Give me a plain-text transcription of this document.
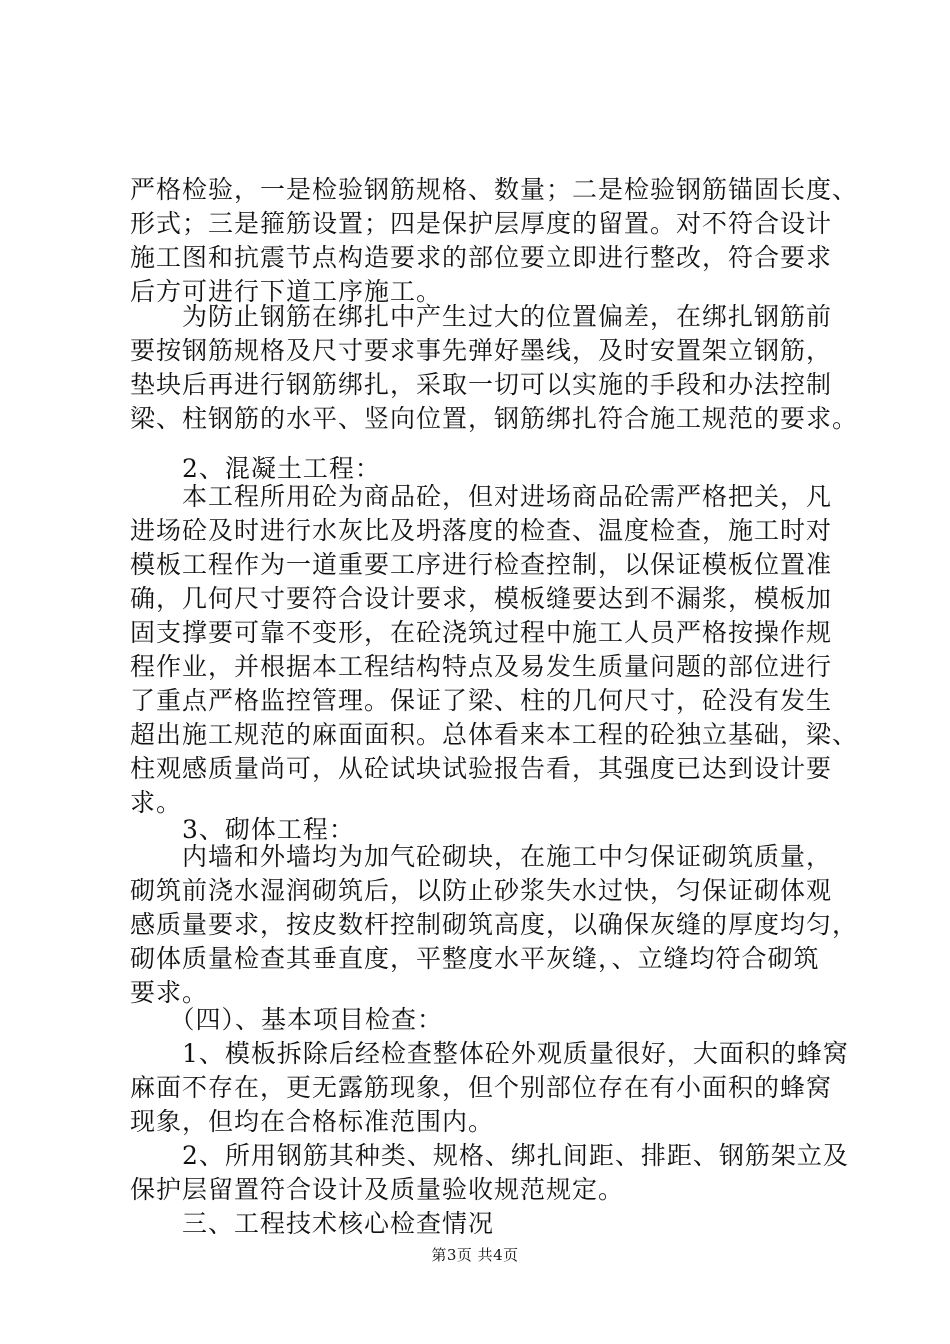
严格检验，一是检验钢筋规格、数量；二是检验钢筋锚固长度、
形式；三是箍筋设置；四是保护层厚度的留置。对不符合设计
施工图和抗震节点构造要求的部位要立即进行整改，符合要求
后方可进行下道工序施工。
　　为防止钢筋在绑扎中产生过大的位置偏差，在绑扎钢筋前
要按钢筋规格及尺寸要求事先弹好墨线，及时安置架立钢筋，
垫块后再进行钢筋绑扎，采取一切可以实施的手段和办法控制
梁、柱钢筋的水平、竖向位置，钢筋绑扎符合施工规范的要求。
　　2、混凝土工程：
　　本工程所用砼为商品砼，但对进场商品砼需严格把关，凡
进场砼及时进行水灰比及坍落度的检查、温度检查，施工时对
模板工程作为一道重要工序进行检查控制，以保证模板位置准
确，几何尺寸要符合设计要求，模板缝要达到不漏浆，模板加
固支撑要可靠不变形，在砼浇筑过程中施工人员严格按操作规
程作业，并根据本工程结构特点及易发生质量问题的部位进行
了重点严格监控管理。保证了梁、柱的几何尺寸，砼没有发生
超出施工规范的麻面面积。总体看来本工程的砼独立基础，梁、
柱观感质量尚可，从砼试块试验报告看，其强度已达到设计要
求。
　　3、砌体工程：
　　内墙和外墙均为加气砼砌块，在施工中匀保证砌筑质量，
砌筑前浇水湿润砌筑后，以防止砂浆失水过快，匀保证砌体观
感质量要求，按皮数杆控制砌筑高度，以确保灰缝的厚度均匀，
砌体质量检查其垂直度，平整度水平灰缝，、立缝均符合砌筑
要求。
　　（四）、基本项目检查：
　　1、模板拆除后经检查整体砼外观质量很好，大面积的蜂窝
麻面不存在，更无露筋现象，但个别部位存在有小面积的蜂窝
现象，但均在合格标准范围内。
　　2、所用钢筋其种类、规格、绑扎间距、排距、钢筋架立及
保护层留置符合设计及质量验收规范规定。
　　三、工程技术核心检查情况
第3页 共4页
